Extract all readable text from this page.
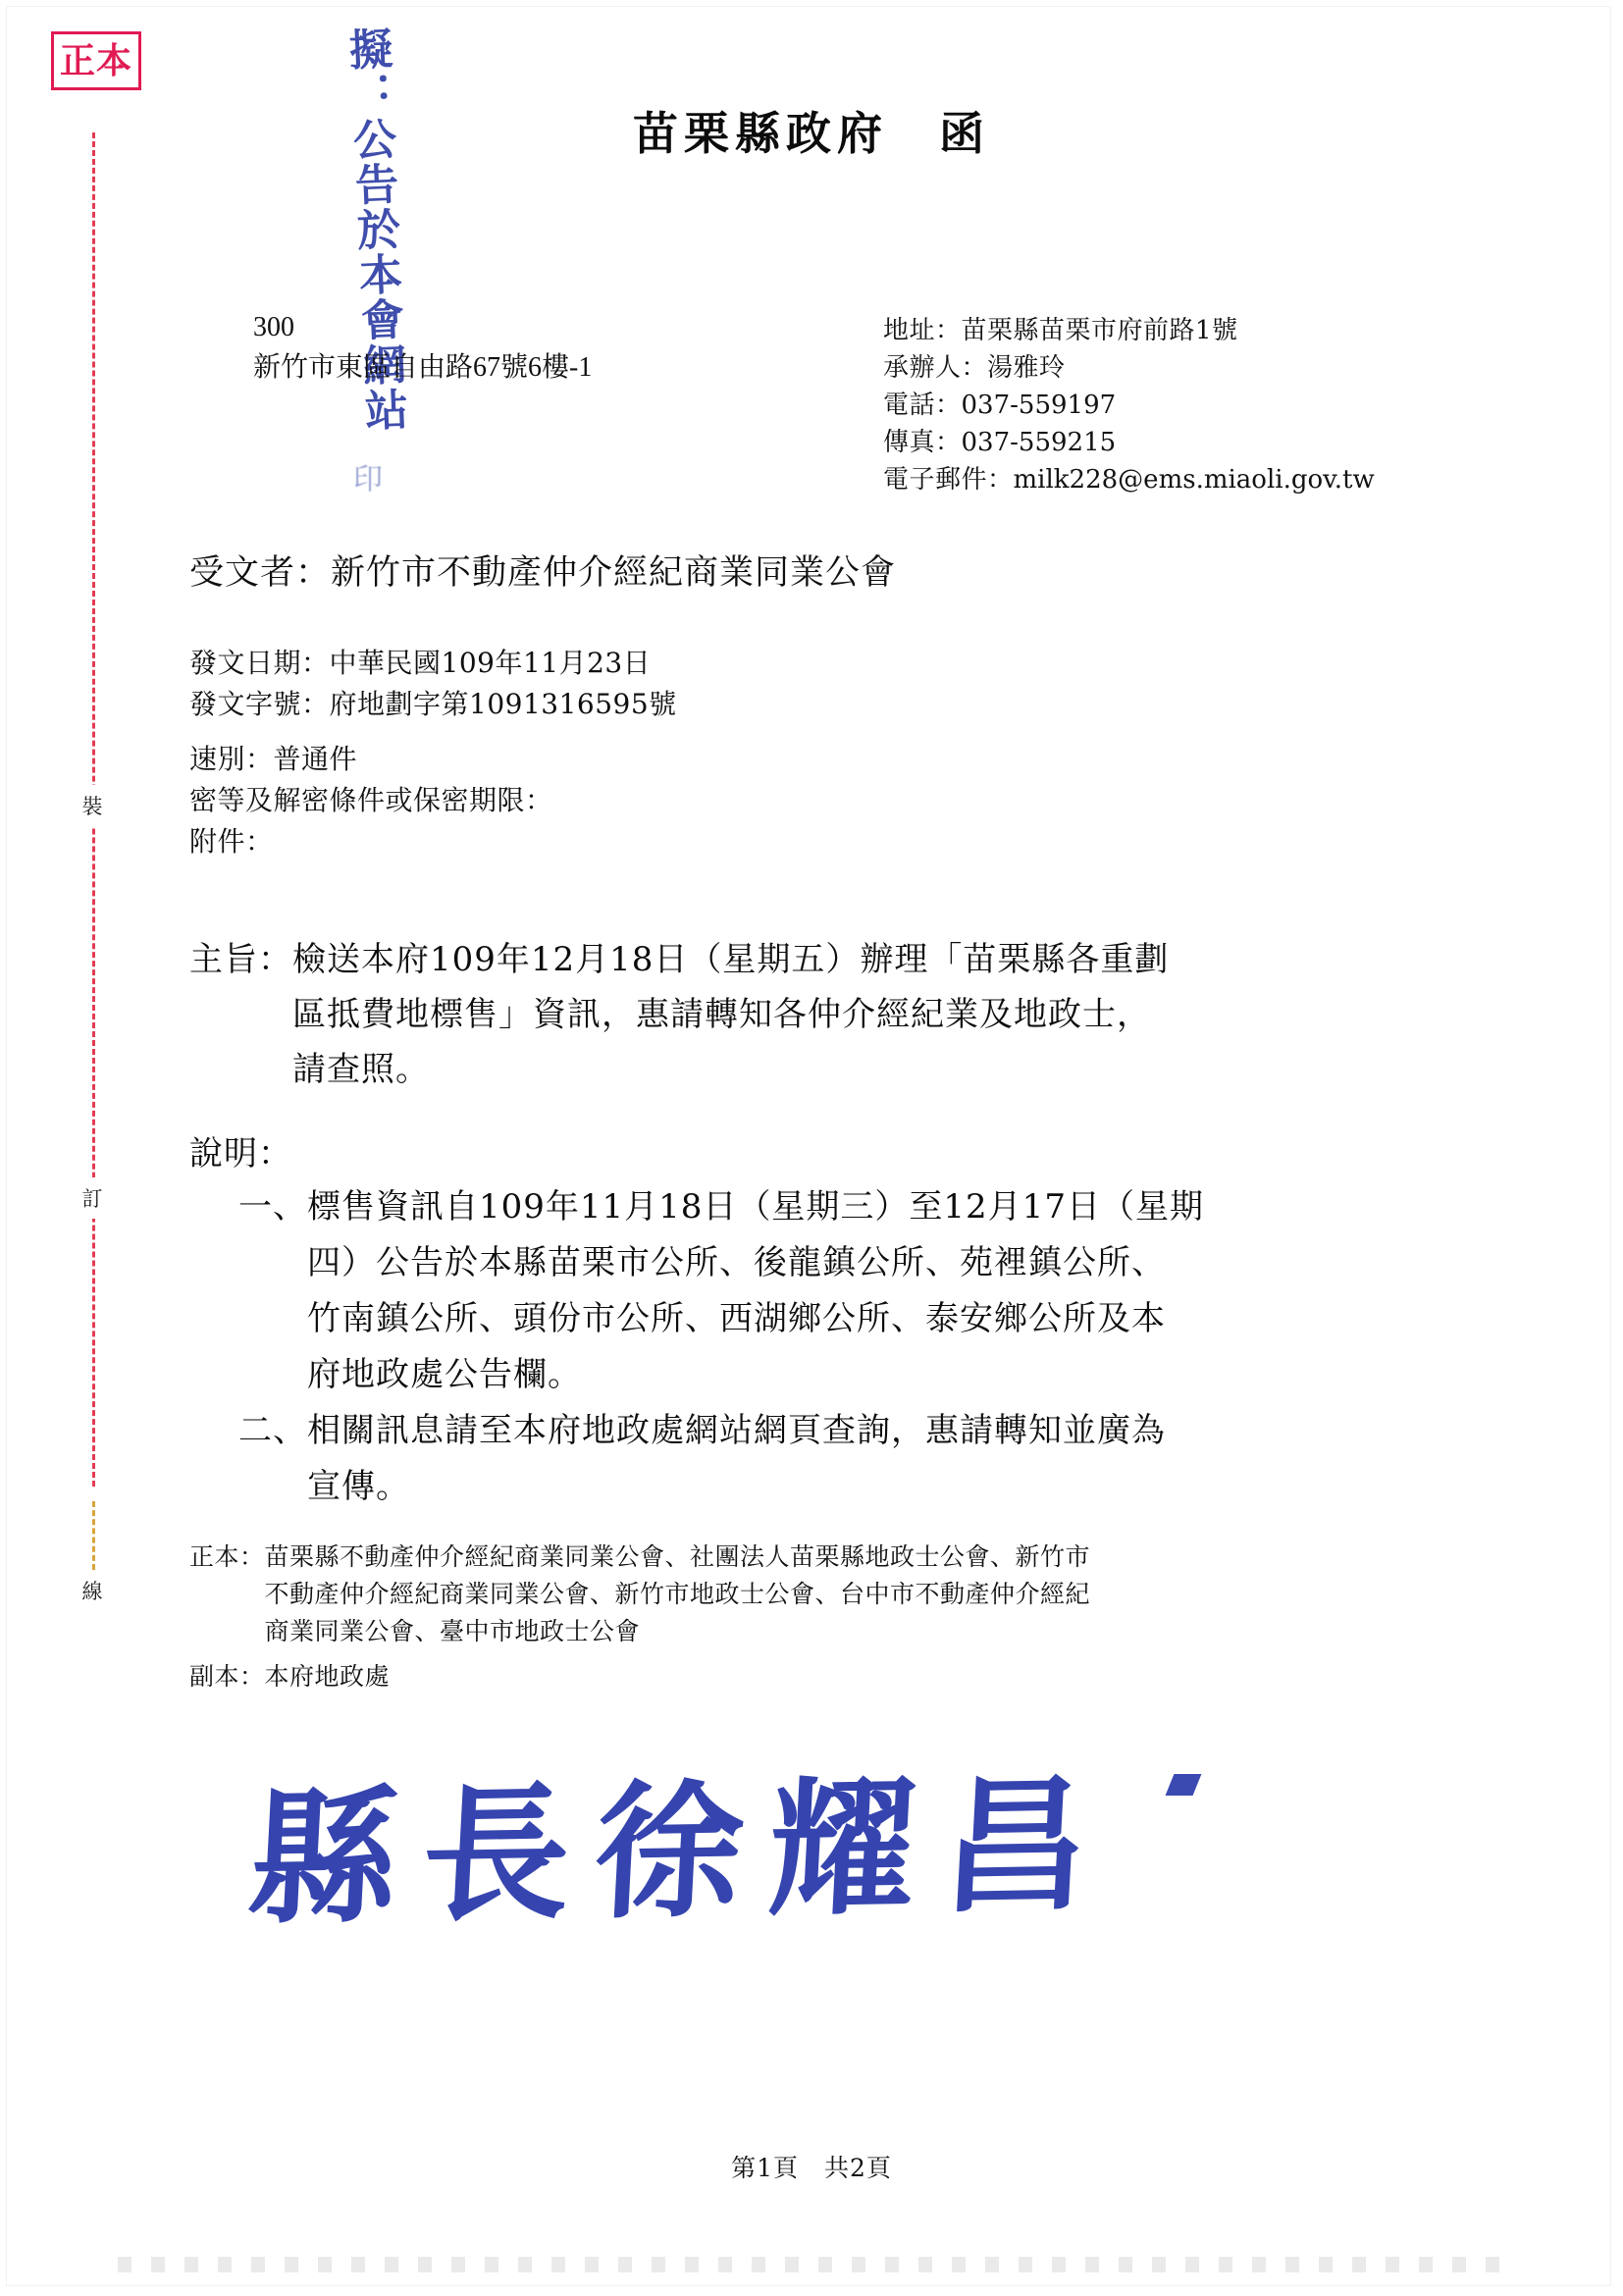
正本
裝
訂
線
擬：公告於本會網站	苗栗縣政府 函
300
新竹市東區自由路67號6樓-1
印
地址：苗栗縣苗栗市府前路1號
承辦人：湯雅玲
電話：037-559197
傳真：037-559215
電子郵件：milk228@ems.miaoli.gov.tw
受文者：新竹市不動產仲介經紀商業同業公會
發文日期：中華民國109年11月23日
發文字號：府地劃字第1091316595號
速別：普通件
密等及解密條件或保密期限：
附件：
主旨： 檢送本府109年12月18日（星期五）辦理「苗栗縣各重劃
區抵費地標售」資訊，惠請轉知各仲介經紀業及地政士，
請查照。
說明：
一、 標售資訊自109年11月18日（星期三）至12月17日（星期
四）公告於本縣苗栗市公所、後龍鎮公所、苑裡鎮公所、
竹南鎮公所、頭份市公所、西湖鄉公所、泰安鄉公所及本
府地政處公告欄。
二、 相關訊息請至本府地政處網站網頁查詢，惠請轉知並廣為
宣傳。
正本： 苗栗縣不動產仲介經紀商業同業公會、社團法人苗栗縣地政士公會、新竹市
不動產仲介經紀商業同業公會、新竹市地政士公會、台中市不動產仲介經紀
商業同業公會、臺中市地政士公會
副本： 本府地政處
縣長徐耀昌
第1頁 共2頁
